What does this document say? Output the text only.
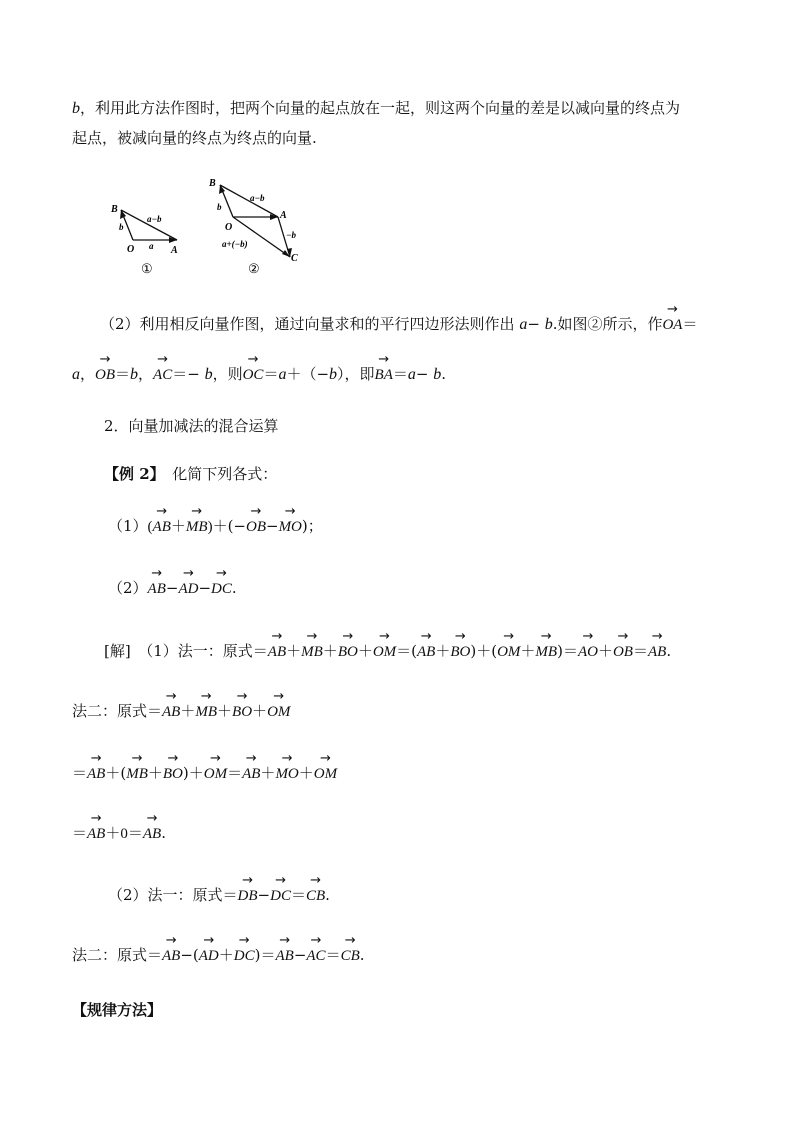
b，利用此方法作图时，把两个向量的起点放在一起，则这两个向量的差是以减向量的终点为
起点，被减向量的终点为终点的向量.
B
O	A
a−b
b
a
①
B
O
A
C
a−b
b
−b
a+(−b)
②
（2）利用相反向量作图，通过向量求和的平行四边形法则作出 a− b.如图②所示，作→ OA＝
a，→ OB＝b，→ AC＝− b，则→ OC＝a＋（−b），即→ BA＝a− b.
2．向量加减法的混合运算
【例 2】　 化简下列各式：
（1）(→ AB＋→ MB)＋(−→ OB−→ MO)；
（2）→ AB−→ AD−→ DC.
[解]　 （1）法一：原式＝→ AB＋→ MB＋→ BO＋→ OM＝(→ AB＋→ BO)＋(→ OM＋→ MB)＝→ AO＋→ OB＝→ AB.
法二：原式＝→ AB＋→ MB＋→ BO＋→ OM
＝→ AB＋(→ MB＋→ BO)＋→ OM＝→ AB＋→ MO＋→ OM
＝→ AB＋0＝→ AB.
（2）法一：原式＝→ DB−→ DC＝→ CB.
法二：原式＝→ AB−(→ AD＋→ DC)＝→ AB−→ AC＝→ CB.
【规律方法】
